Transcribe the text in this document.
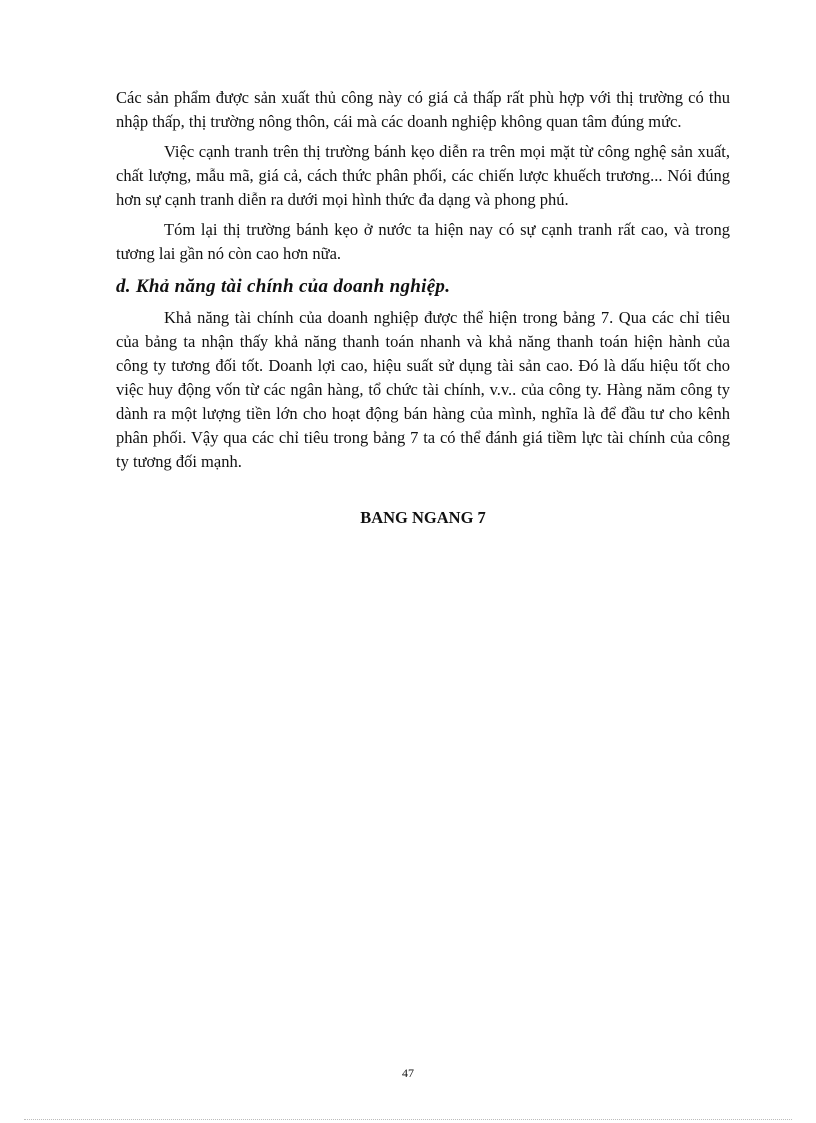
Các sản phẩm được sản xuất thủ công này có giá cả thấp rất phù hợp với thị trường có thu nhập thấp, thị trường nông thôn, cái mà các doanh nghiệp không quan tâm đúng mức.

Việc cạnh tranh trên thị trường bánh kẹo diễn ra trên mọi mặt từ công nghệ sản xuất, chất lượng, mẫu mã, giá cả, cách thức phân phối, các chiến lược khuếch trương... Nói đúng hơn sự cạnh tranh diễn ra dưới mọi hình thức đa dạng và phong phú.

Tóm lại thị trường bánh kẹo ở nước ta hiện nay có sự cạnh tranh rất cao, và trong tương lai gần nó còn cao hơn nữa.

d. Khả năng tài chính của doanh nghiệp.

Khả năng tài chính của doanh nghiệp được thể hiện trong bảng 7. Qua các chỉ tiêu của bảng ta nhận thấy khả năng thanh toán nhanh và khả năng thanh toán hiện hành của công ty tương đối tốt. Doanh lợi cao, hiệu suất sử dụng tài sản cao. Đó là dấu hiệu tốt cho việc huy động vốn từ các ngân hàng, tổ chức tài chính, v.v.. của công ty. Hàng năm công ty dành ra một lượng tiền lớn cho hoạt động bán hàng của mình, nghĩa là để đầu tư cho kênh phân phối. Vậy qua các chỉ tiêu trong bảng 7 ta có thể đánh giá tiềm lực tài chính của công ty tương đối mạnh.

BANG NGANG 7
47
